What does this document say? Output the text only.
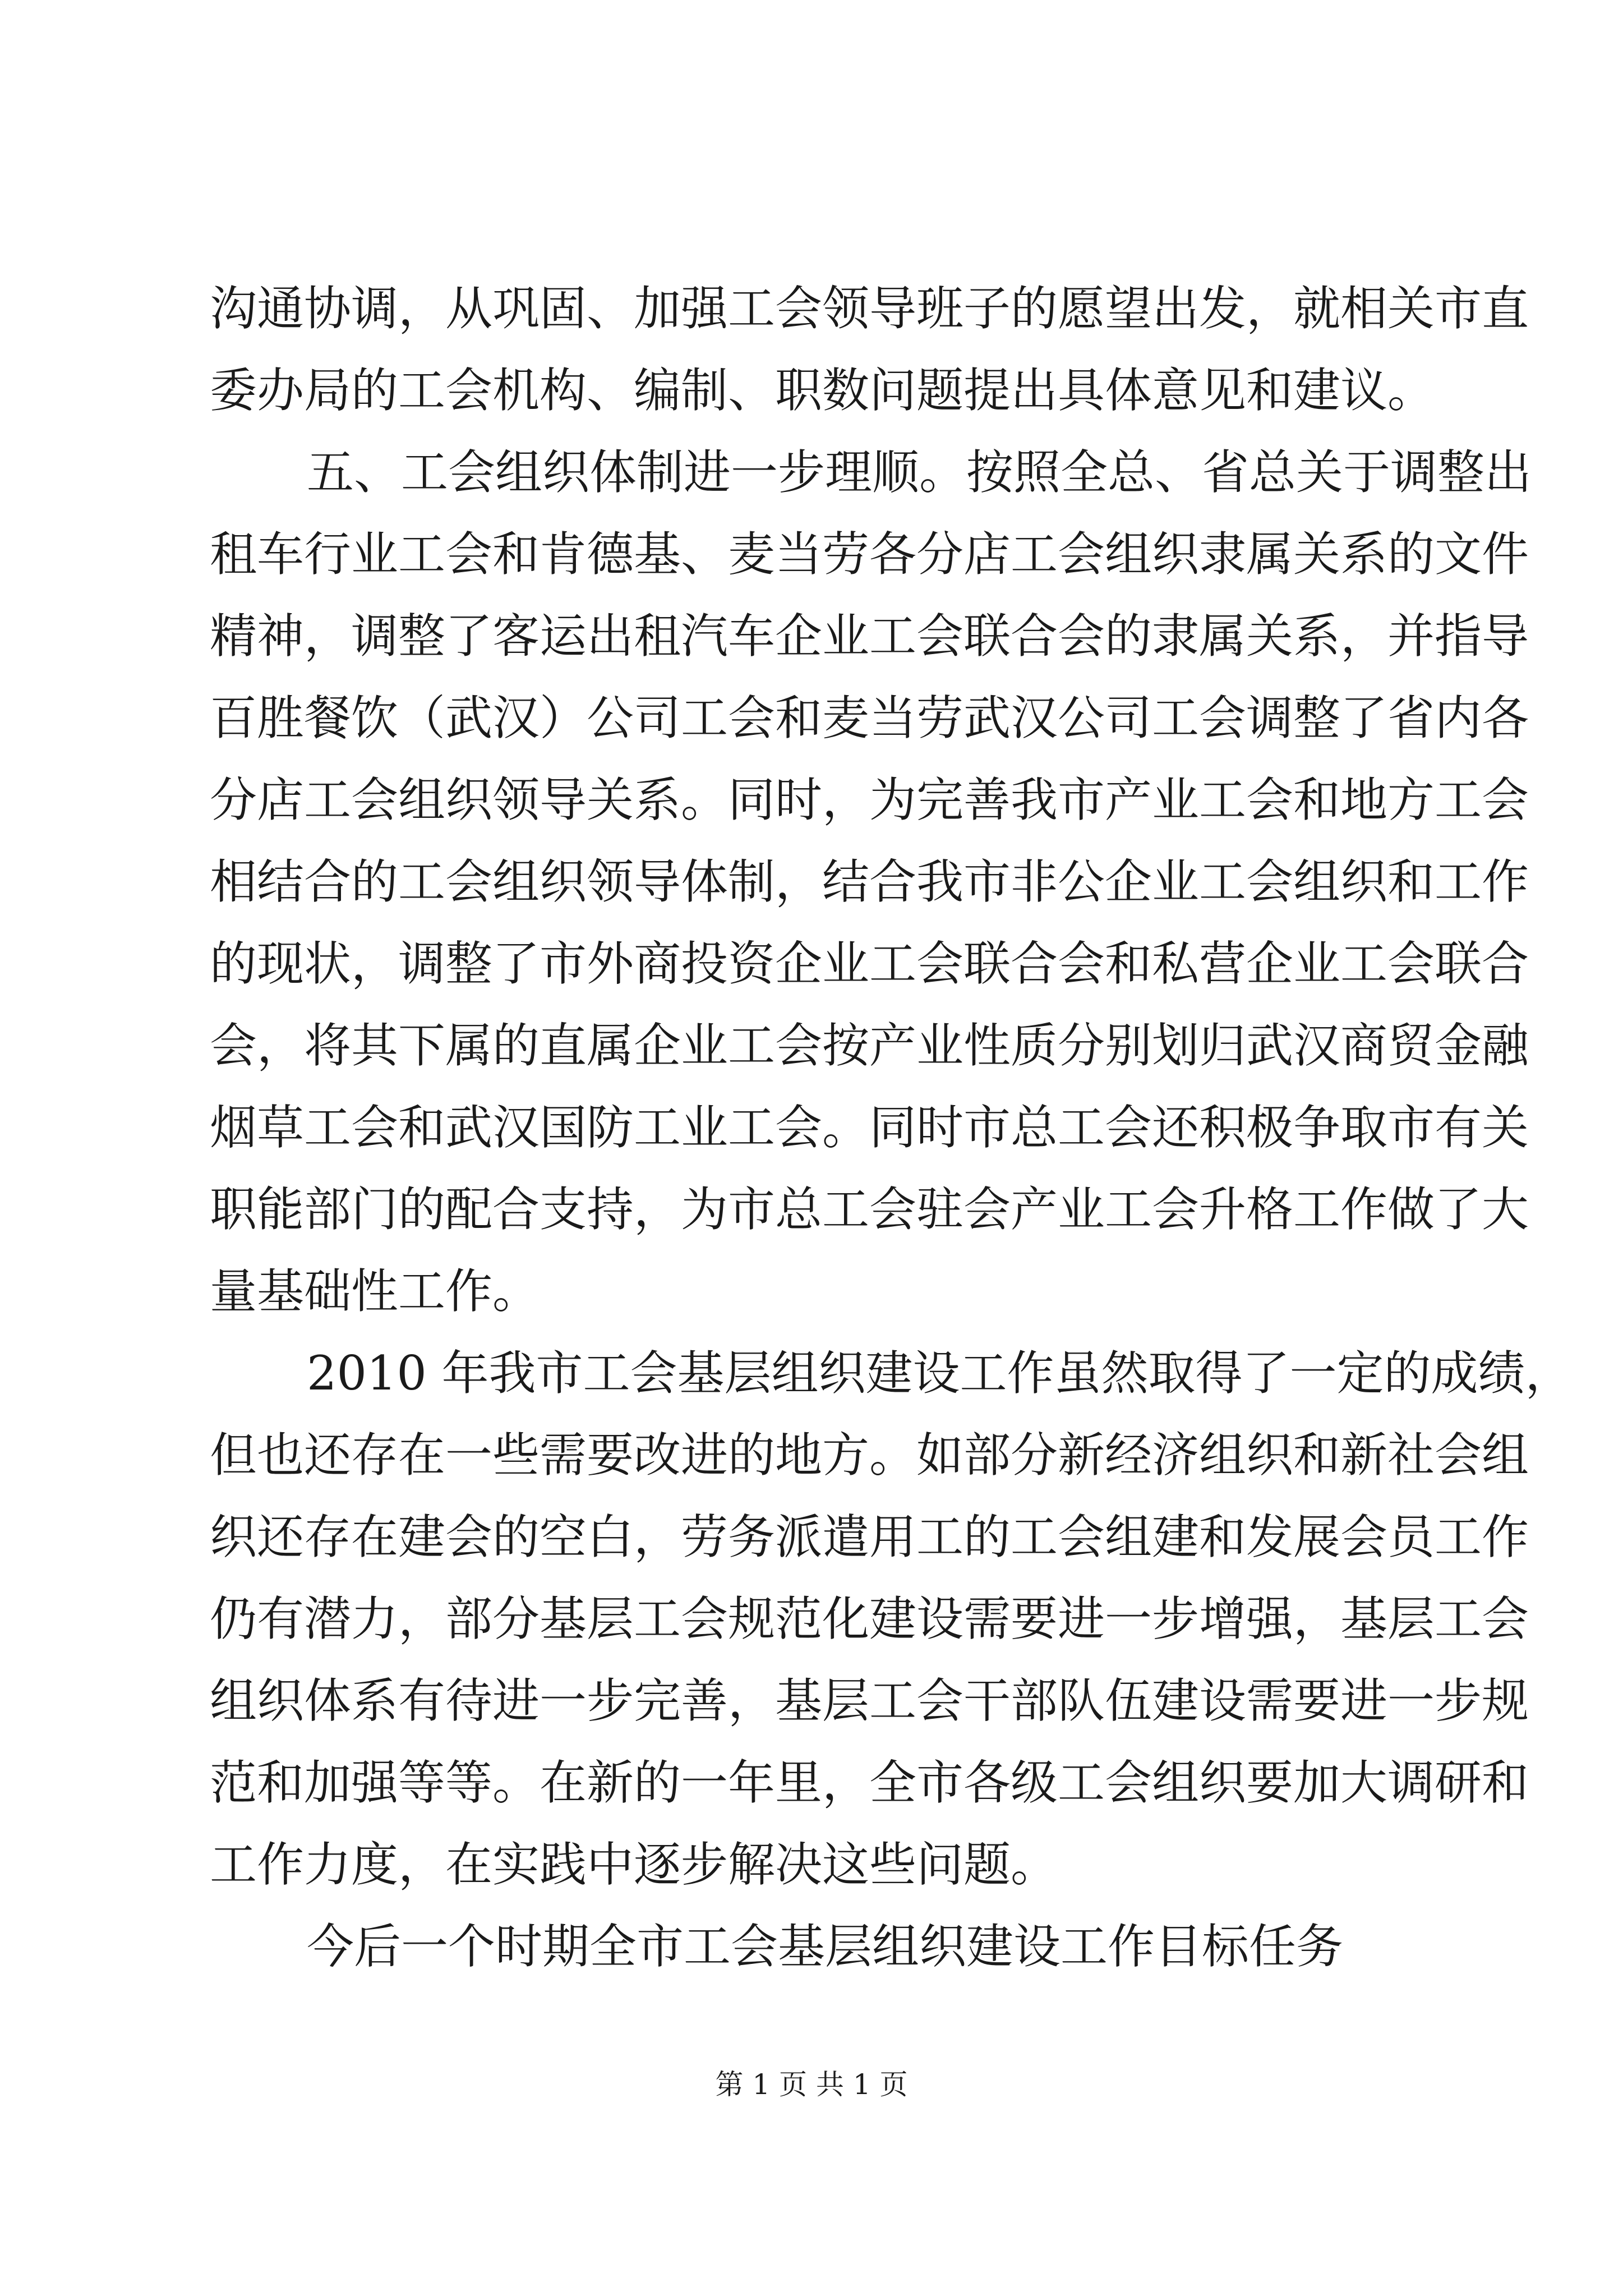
沟通协调，从巩固、加强工会领导班子的愿望出发，就相关市直
委办局的工会机构、编制、职数问题提出具体意见和建议。
五、工会组织体制进一步理顺。按照全总、省总关于调整出
租车行业工会和肯德基、麦当劳各分店工会组织隶属关系的文件
精神，调整了客运出租汽车企业工会联合会的隶属关系，并指导
百胜餐饮（武汉）公司工会和麦当劳武汉公司工会调整了省内各
分店工会组织领导关系。同时，为完善我市产业工会和地方工会
相结合的工会组织领导体制，结合我市非公企业工会组织和工作
的现状，调整了市外商投资企业工会联合会和私营企业工会联合
会，将其下属的直属企业工会按产业性质分别划归武汉商贸金融
烟草工会和武汉国防工业工会。同时市总工会还积极争取市有关
职能部门的配合支持，为市总工会驻会产业工会升格工作做了大
量基础性工作。
2010 年我市工会基层组织建设工作虽然取得了一定的成绩，
但也还存在一些需要改进的地方。如部分新经济组织和新社会组
织还存在建会的空白，劳务派遣用工的工会组建和发展会员工作
仍有潜力，部分基层工会规范化建设需要进一步增强，基层工会
组织体系有待进一步完善，基层工会干部队伍建设需要进一步规
范和加强等等。在新的一年里，全市各级工会组织要加大调研和
工作力度，在实践中逐步解决这些问题。
今后一个时期全市工会基层组织建设工作目标任务
第 1 页 共 1 页
